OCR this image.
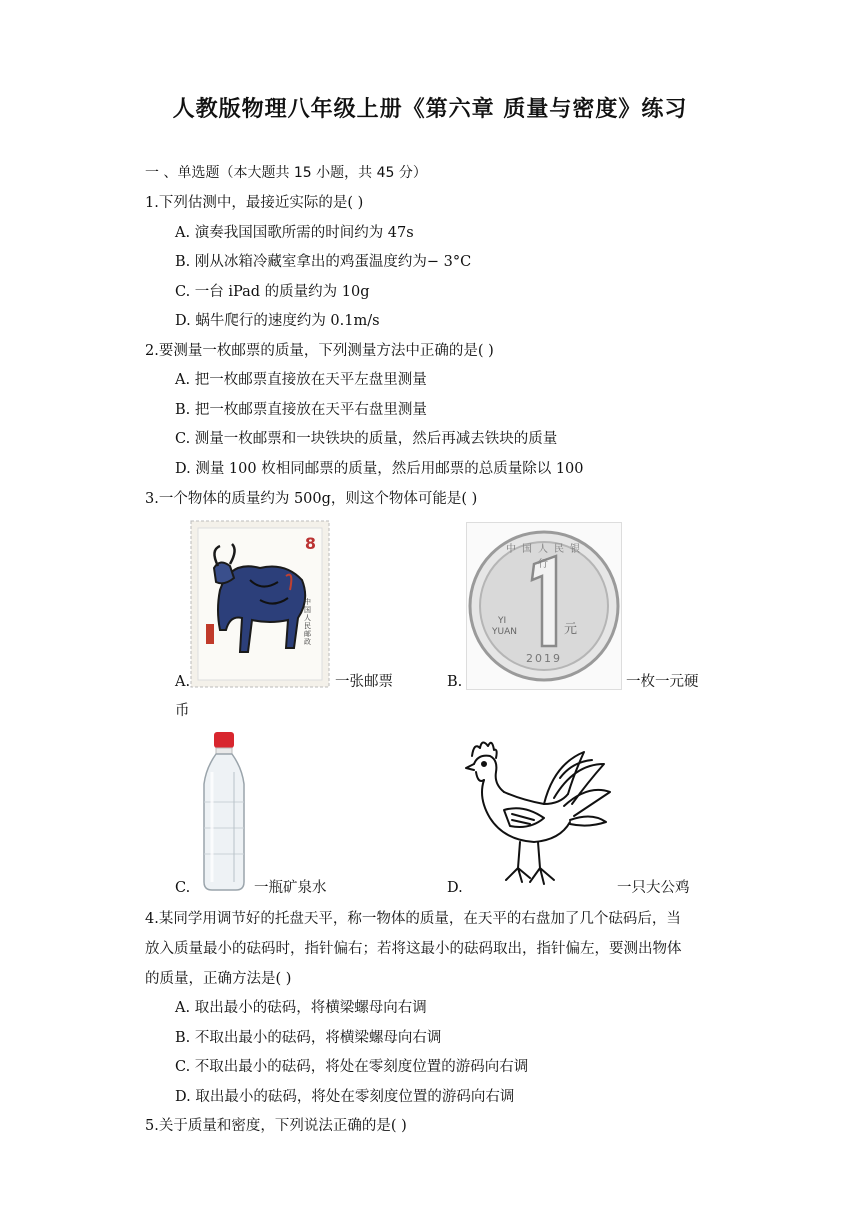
人教版物理八年级上册《第六章 质量与密度》练习
一 、单选题（本大题共 15 小题，共 45 分）
1.下列估测中，最接近实际的是( )
A. 演奏我国国歌所需的时间约为 47s
B. 刚从冰箱冷藏室拿出的鸡蛋温度约为− 3°C
C. 一台 iPad 的质量约为 10g
D. 蜗牛爬行的速度约为 0.1m/s
2.要测量一枚邮票的质量，下列测量方法中正确的是( )
A. 把一枚邮票直接放在天平左盘里测量
B. 把一枚邮票直接放在天平右盘里测量
C. 测量一枚邮票和一块铁块的质量，然后再减去铁块的质量
D. 测量 100 枚相同邮票的质量，然后用邮票的总质量除以 100
3.一个物体的质量约为 500g，则这个物体可能是( )
8
中国人民邮政
A.	一张邮票
中国人民银行
YI
YUAN	元
2019
B.	一枚一元硬
币
C.	一瓶矿泉水	D.	一只大公鸡
4.某同学用调节好的托盘天平，称一物体的质量，在天平的右盘加了几个砝码后，当
放入质量最小的砝码时，指针偏右；若将这最小的砝码取出，指针偏左，要测出物体
的质量，正确方法是( )
A. 取出最小的砝码，将横梁螺母向右调
B. 不取出最小的砝码，将横梁螺母向右调
C. 不取出最小的砝码，将处在零刻度位置的游码向右调
D. 取出最小的砝码，将处在零刻度位置的游码向右调
5.关于质量和密度，下列说法正确的是( )
